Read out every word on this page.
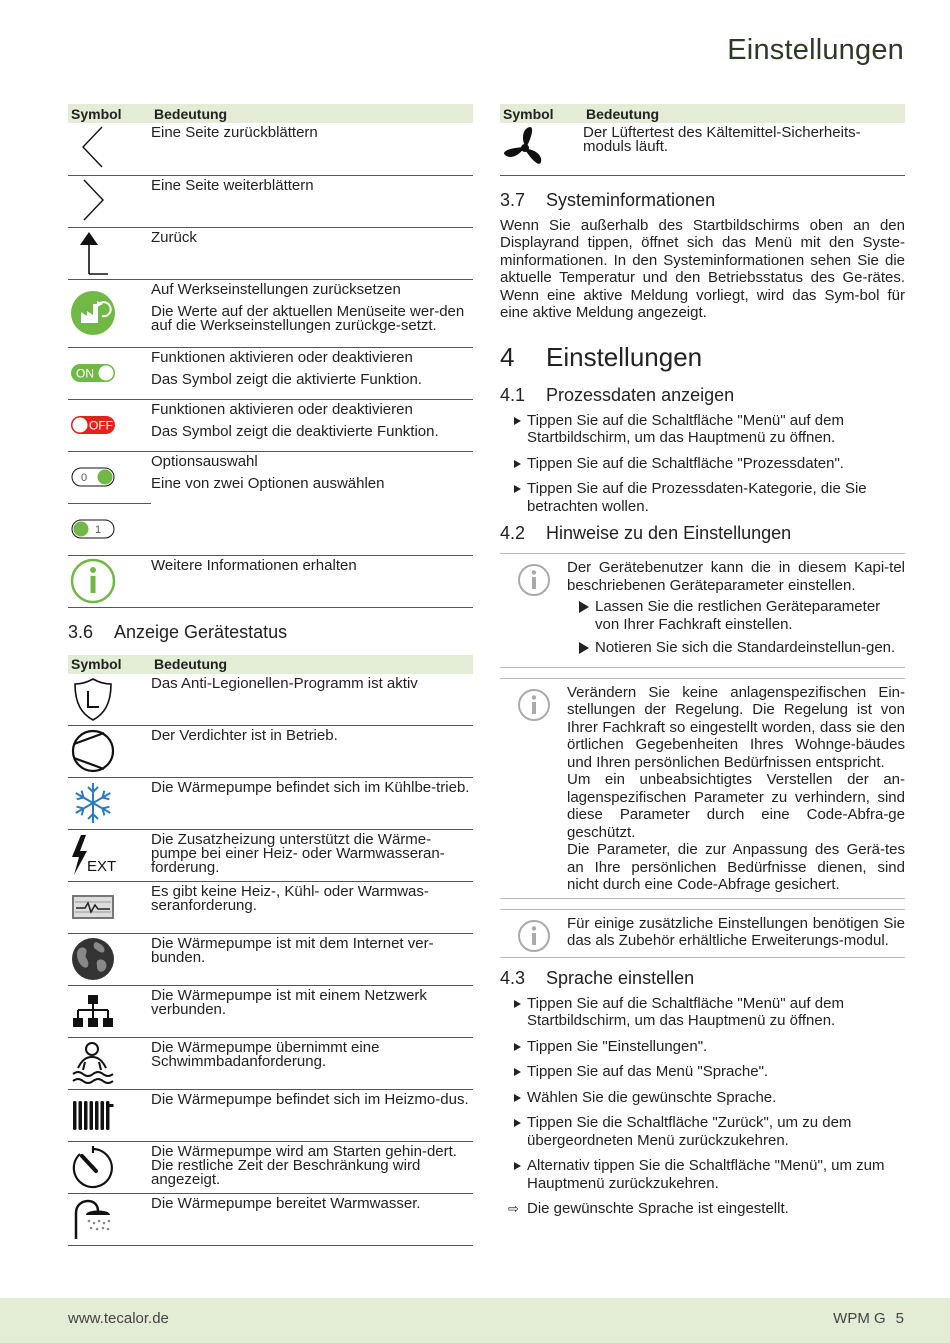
Einstellungen
Symbol	Bedeutung

Eine Seite zurückblättern

Eine Seite weiterblättern

Zurück

Auf Werkseinstellungen zurücksetzen
Die Werte auf der aktuellen Menüseite wer-den auf die Werkseinstellungen zurückge-setzt.

ON	Funktionen aktivieren oder deaktivieren
Das Symbol zeigt die aktivierte Funktion.

OFF	Funktionen aktivieren oder deaktivieren
Das Symbol zeigt die deaktivierte Funktion.

0	Optionsauswahl
Eine von zwei Optionen auswählen

1	

Weitere Informationen erhalten
3.6 Anzeige Gerätestatus
Symbol	Bedeutung

Das Anti-Legionellen-Programm ist aktiv

Der Verdichter ist in Betrieb.

Die Wärmepumpe befindet sich im Kühlbe-trieb.

EXT	Die Zusatzheizung unterstützt die Wärme-pumpe bei einer Heiz- oder Warmwasseran-forderung.

Es gibt keine Heiz-, Kühl- oder Warmwas-seranforderung.

Die Wärmepumpe ist mit dem Internet ver-bunden.

Die Wärmepumpe ist mit einem Netzwerk verbunden.

Die Wärmepumpe übernimmt eine Schwimmbadanforderung.

Die Wärmepumpe befindet sich im Heizmo-dus.

Die Wärmepumpe wird am Starten gehin-dert. Die restliche Zeit der Beschränkung wird angezeigt.

Die Wärmepumpe bereitet Warmwasser.
Symbol	Bedeutung

Der Lüftertest des Kältemittel-Sicherheits-moduls läuft.
3.7 Systeminformationen

Wenn Sie außerhalb des Startbildschirms oben an den Displayrand tippen, öffnet sich das Menü mit den Syste-minformationen. In den Systeminformationen sehen Sie die aktuelle Temperatur und den Betriebsstatus des Ge-rätes. Wenn eine aktive Meldung vorliegt, wird das Sym-bol für eine aktive Meldung angezeigt.

4 Einstellungen
4.1 Prozessdaten anzeigen
Tippen Sie auf die Schaltfläche "Menü" auf dem Startbildschirm, um das Hauptmenü zu öffnen.
Tippen Sie auf die Schaltfläche "Prozessdaten".
Tippen Sie auf die Prozessdaten-Kategorie, die Sie betrachten wollen.
4.2 Hinweise zu den Einstellungen
Der Gerätebenutzer kann die in diesem Kapi-tel beschriebenen Geräteparameter einstellen.
Lassen Sie die restlichen Geräteparameter von Ihrer Fachkraft einstellen.
Notieren Sie sich die Standardeinstellun-gen.
Verändern Sie keine anlagenspezifischen Ein-stellungen der Regelung. Die Regelung ist von Ihrer Fachkraft so eingestellt worden, dass sie den örtlichen Gegebenheiten Ihres Wohnge-bäudes und Ihren persönlichen Bedürfnissen entspricht.
Um ein unbeabsichtigtes Verstellen der an-lagenspezifischen Parameter zu verhindern, sind diese Parameter durch eine Code-Abfra-ge geschützt.
Die Parameter, die zur Anpassung des Gerä-tes an Ihre persönlichen Bedürfnisse dienen, sind nicht durch eine Code-Abfrage gesichert.
Für einige zusätzliche Einstellungen benötigen Sie das als Zubehör erhältliche Erweiterungs-modul.
4.3 Sprache einstellen
Tippen Sie auf die Schaltfläche "Menü" auf dem Startbildschirm, um das Hauptmenü zu öffnen.
Tippen Sie "Einstellungen".
Tippen Sie auf das Menü "Sprache".
Wählen Sie die gewünschte Sprache.
Tippen Sie die Schaltfläche "Zurück", um zu dem übergeordneten Menü zurückzukehren.
Alternativ tippen Sie die Schaltfläche "Menü", um zum Hauptmenü zurückzukehren.
⇨ Die gewünschte Sprache ist eingestellt.
www.tecalor.de	WPM G 5
